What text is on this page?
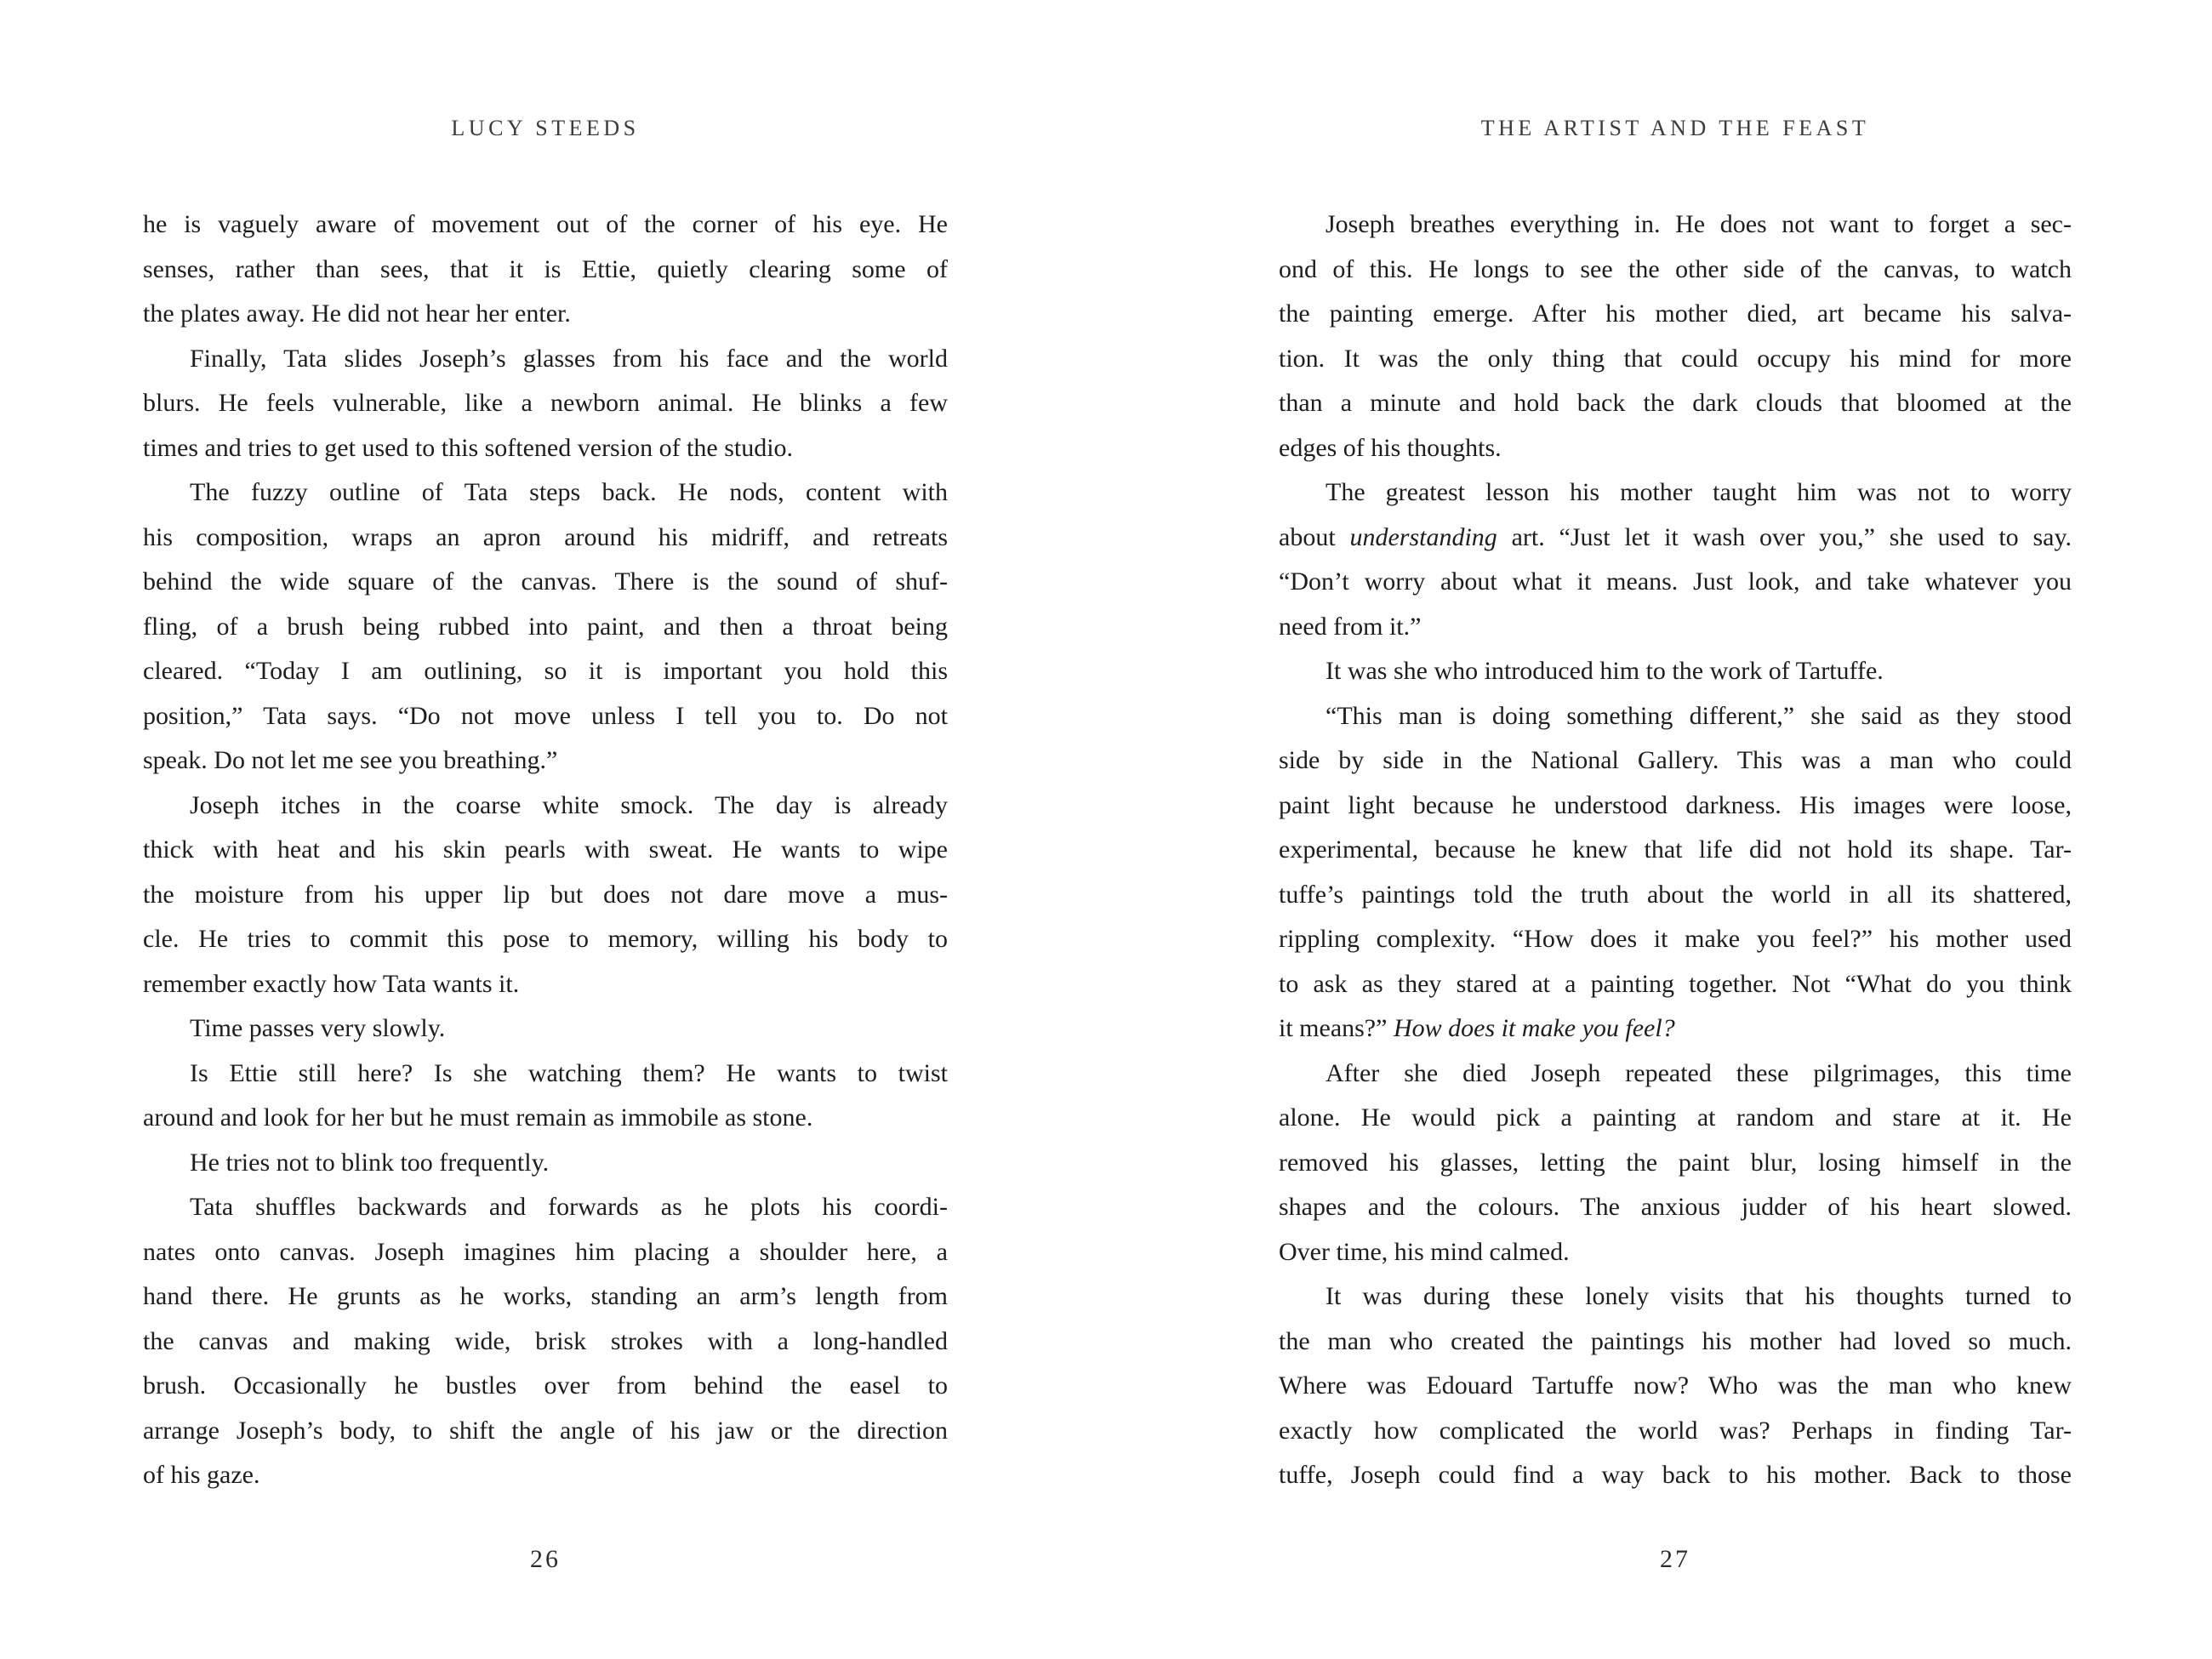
LUCY STEEDS	THE ARTIST AND THE FEAST
he is vaguely aware of movement out of the corner of his eye. He
senses, rather than sees, that it is Ettie, quietly clearing some of
the plates away. He did not hear her enter.
Finally, Tata slides Joseph’s glasses from his face and the world
blurs. He feels vulnerable, like a newborn animal. He blinks a few
times and tries to get used to this softened version of the studio.
The fuzzy outline of Tata steps back. He nods, content with
his composition, wraps an apron around his midriff, and retreats
behind the wide square of the canvas. There is the sound of shuf-
fling, of a brush being rubbed into paint, and then a throat being
cleared. “Today I am outlining, so it is important you hold this
position,” Tata says. “Do not move unless I tell you to. Do not
speak. Do not let me see you breathing.”
Joseph itches in the coarse white smock. The day is already
thick with heat and his skin pearls with sweat. He wants to wipe
the moisture from his upper lip but does not dare move a mus-
cle. He tries to commit this pose to memory, willing his body to
remember exactly how Tata wants it.
Time passes very slowly.
Is Ettie still here? Is she watching them? He wants to twist
around and look for her but he must remain as immobile as stone.
He tries not to blink too frequently.
Tata shuffles backwards and forwards as he plots his coordi-
nates onto canvas. Joseph imagines him placing a shoulder here, a
hand there. He grunts as he works, standing an arm’s length from
the canvas and making wide, brisk strokes with a long-handled
brush. Occasionally he bustles over from behind the easel to
arrange Joseph’s body, to shift the angle of his jaw or the direction
of his gaze.
Joseph breathes everything in. He does not want to forget a sec-
ond of this. He longs to see the other side of the canvas, to watch
the painting emerge. After his mother died, art became his salva-
tion. It was the only thing that could occupy his mind for more
than a minute and hold back the dark clouds that bloomed at the
edges of his thoughts.
The greatest lesson his mother taught him was not to worry
about understanding art. “Just let it wash over you,” she used to say.
“Don’t worry about what it means. Just look, and take whatever you
need from it.”
It was she who introduced him to the work of Tartuffe.
“This man is doing something different,” she said as they stood
side by side in the National Gallery. This was a man who could
paint light because he understood darkness. His images were loose,
experimental, because he knew that life did not hold its shape. Tar-
tuffe’s paintings told the truth about the world in all its shattered,
rippling complexity. “How does it make you feel?” his mother used
to ask as they stared at a painting together. Not “What do you think
it means?” How does it make you feel?
After she died Joseph repeated these pilgrimages, this time
alone. He would pick a painting at random and stare at it. He
removed his glasses, letting the paint blur, losing himself in the
shapes and the colours. The anxious judder of his heart slowed.
Over time, his mind calmed.
It was during these lonely visits that his thoughts turned to
the man who created the paintings his mother had loved so much.
Where was Edouard Tartuffe now? Who was the man who knew
exactly how complicated the world was? Perhaps in finding Tar-
tuffe, Joseph could find a way back to his mother. Back to those
26	27
